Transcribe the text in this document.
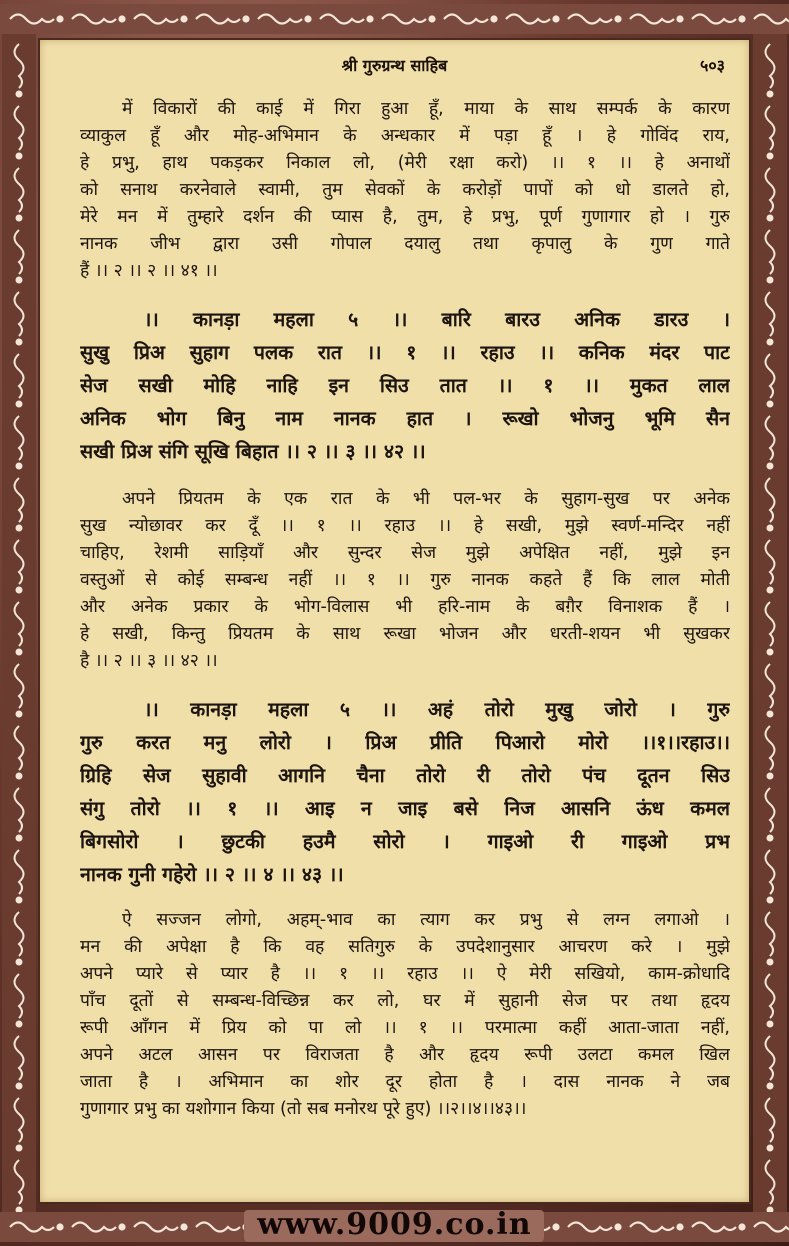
श्री गुरुग्रन्थ साहिब	५०३
में विकारों की काई में गिरा हुआ हूँ, माया के साथ सम्पर्क के कारण
व्याकुल हूँ और मोह-अभिमान के अन्धकार में पड़ा हूँ । हे गोविंद राय,
हे प्रभु, हाथ पकड़कर निकाल लो, (मेरी रक्षा करो) ।। १ ।। हे अनाथों
को सनाथ करनेवाले स्वामी, तुम सेवकों के करोड़ों पापों को धो डालते हो,
मेरे मन में तुम्हारे दर्शन की प्यास है, तुम, हे प्रभु, पूर्ण गुणागार हो । गुरु
नानक जीभ द्वारा उसी गोपाल दयालु तथा कृपालु के गुण गाते
हैं ।। २ ।। २ ।। ४१ ।।
।। कानड़ा महला ५ ।। बारि बारउ अनिक डारउ ।
सुखु प्रिअ सुहाग पलक रात ।। १ ।। रहाउ ।। कनिक मंदर पाट
सेज सखी मोहि नाहि इन सिउ तात ।। १ ।। मुकत लाल
अनिक भोग बिनु नाम नानक हात । रूखो भोजनु भूमि सैन
सखी प्रिअ संगि सूखि बिहात ।। २ ।। ३ ।। ४२ ।।
अपने प्रियतम के एक रात के भी पल-भर के सुहाग-सुख पर अनेक
सुख न्योछावर कर दूँ ।। १ ।। रहाउ ।। हे सखी, मुझे स्वर्ण-मन्दिर नहीं
चाहिए, रेशमी साड़ियाँ और सुन्दर सेज मुझे अपेक्षित नहीं, मुझे इन
वस्तुओं से कोई सम्बन्ध नहीं ।। १ ।। गुरु नानक कहते हैं कि लाल मोती
और अनेक प्रकार के भोग-विलास भी हरि-नाम के बग़ैर विनाशक हैं ।
हे सखी, किन्तु प्रियतम के साथ रूखा भोजन और धरती-शयन भी सुखकर
है ।। २ ।। ३ ।। ४२ ।।
।। कानड़ा महला ५ ।। अहं तोरो मुखु जोरो । गुरु
गुरु करत मनु लोरो । प्रिअ प्रीति पिआरो मोरो ।।१।।रहाउ।।
ग्रिहि सेज सुहावी आगनि चैना तोरो री तोरो पंच दूतन सिउ
संगु तोरो ।। १ ।। आइ न जाइ बसे निज आसनि ऊंध कमल
बिगसोरो । छुटकी हउमै सोरो । गाइओ री गाइओ प्रभ
नानक गुनी गहेरो ।। २ ।। ४ ।। ४३ ।।
ऐ सज्जन लोगो, अहम्-भाव का त्याग कर प्रभु से लग्न लगाओ ।
मन की अपेक्षा है कि वह सतिगुरु के उपदेशानुसार आचरण करे । मुझे
अपने प्यारे से प्यार है ।। १ ।। रहाउ ।। ऐ मेरी सखियो, काम-क्रोधादि
पाँच दूतों से सम्बन्ध-विच्छिन्न कर लो, घर में सुहानी सेज पर तथा हृदय
रूपी आँगन में प्रिय को पा लो ।। १ ।। परमात्मा कहीं आता-जाता नहीं,
अपने अटल आसन पर विराजता है और हृदय रूपी उलटा कमल खिल
जाता है । अभिमान का शोर दूर होता है । दास नानक ने जब
गुणागार प्रभु का यशोगान किया (तो सब मनोरथ पूरे हुए) ।।२।।४।।४३।।
www.9009.co.in
